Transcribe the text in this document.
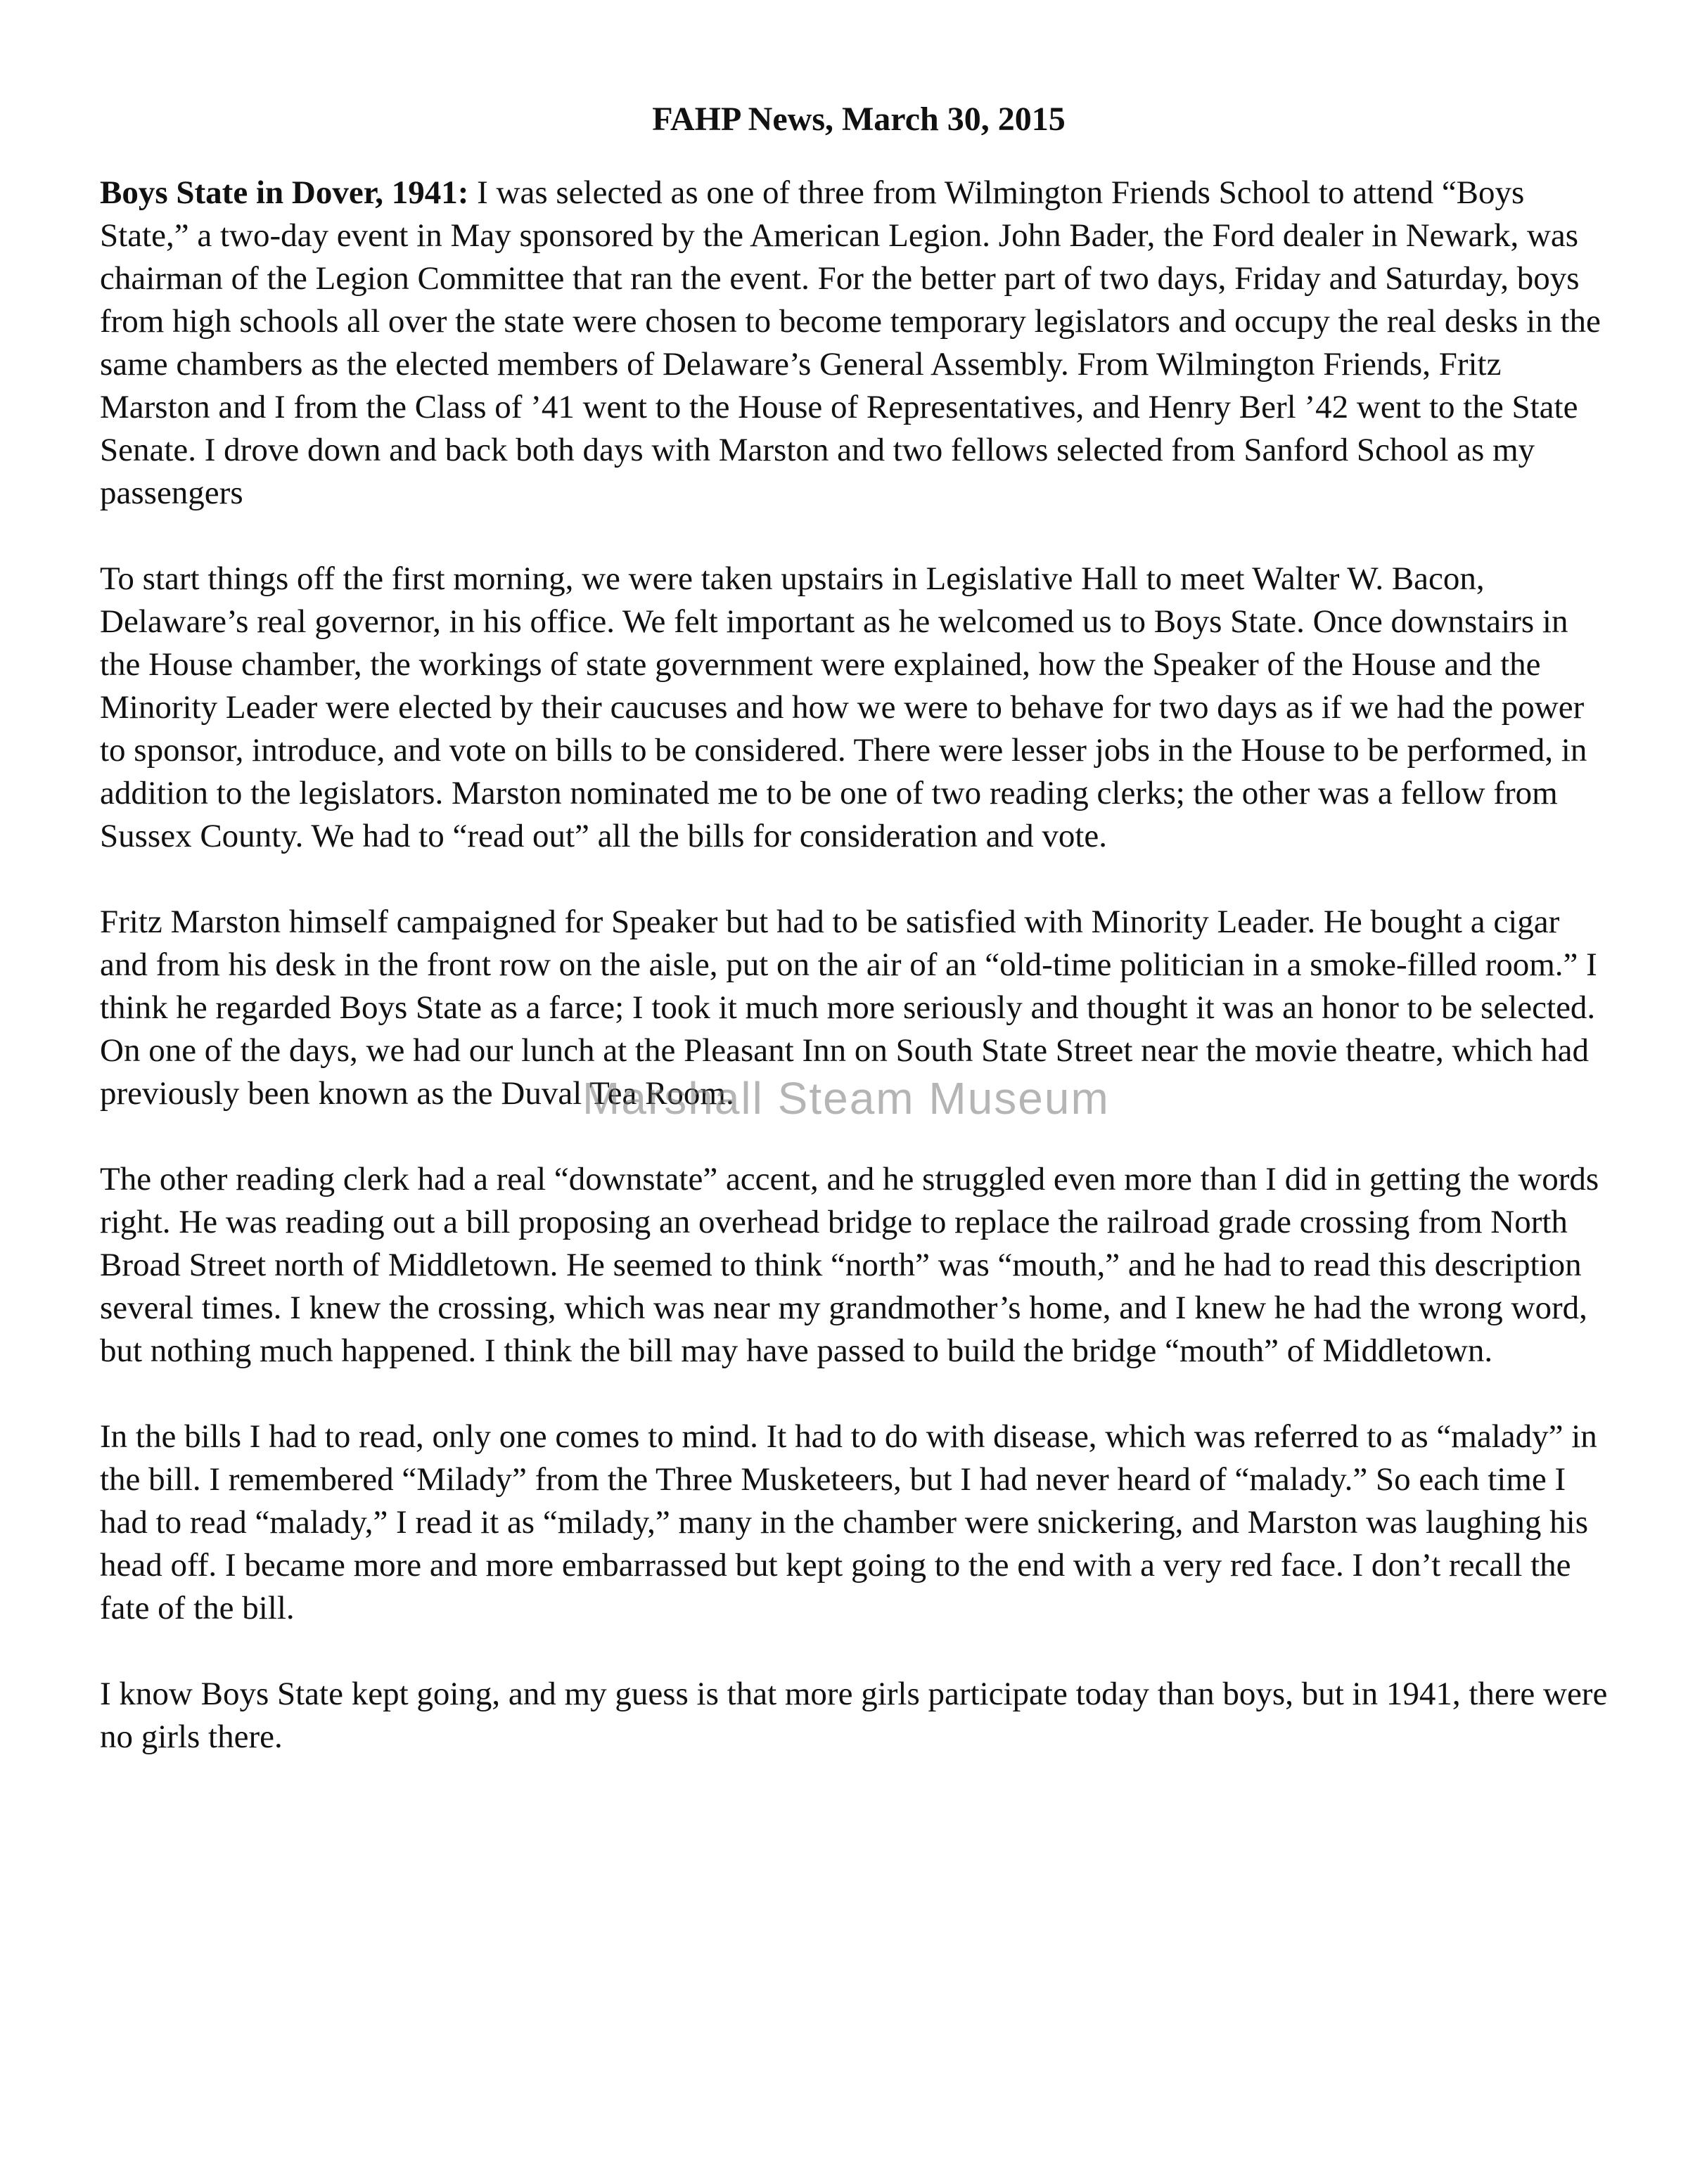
FAHP News, March 30, 2015

Boys State in Dover, 1941: I was selected as one of three from Wilmington Friends School to attend “Boys State,” a two-day event in May sponsored by the American Legion. John Bader, the Ford dealer in Newark, was chairman of the Legion Committee that ran the event. For the better part of two days, Friday and Saturday, boys from high schools all over the state were chosen to become temporary legislators and occupy the real desks in the same chambers as the elected members of Delaware’s General Assembly. From Wilmington Friends, Fritz Marston and I from the Class of ’41 went to the House of Representatives, and Henry Berl ’42 went to the State Senate. I drove down and back both days with Marston and two fellows selected from Sanford School as my passengers

To start things off the first morning, we were taken upstairs in Legislative Hall to meet Walter W. Bacon, Delaware’s real governor, in his office. We felt important as he welcomed us to Boys State. Once downstairs in the House chamber, the workings of state government were explained, how the Speaker of the House and the Minority Leader were elected by their caucuses and how we were to behave for two days as if we had the power to sponsor, introduce, and vote on bills to be considered. There were lesser jobs in the House to be performed, in addition to the legislators. Marston nominated me to be one of two reading clerks; the other was a fellow from Sussex County. We had to “read out” all the bills for consideration and vote.

Fritz Marston himself campaigned for Speaker but had to be satisfied with Minority Leader. He bought a cigar and from his desk in the front row on the aisle, put on the air of an “old-time politician in a smoke-filled room.” I think he regarded Boys State as a farce; I took it much more seriously and thought it was an honor to be selected. On one of the days, we had our lunch at the Pleasant Inn on South State Street near the movie theatre, which had previously been known as the Duval Tea Room.

The other reading clerk had a real “downstate” accent, and he struggled even more than I did in getting the words right. He was reading out a bill proposing an overhead bridge to replace the railroad grade crossing from North Broad Street north of Middletown. He seemed to think “north” was “mouth,” and he had to read this description several times. I knew the crossing, which was near my grandmother’s home, and I knew he had the wrong word, but nothing much happened. I think the bill may have passed to build the bridge “mouth” of Middletown.

In the bills I had to read, only one comes to mind. It had to do with disease, which was referred to as “malady” in the bill. I remembered “Milady” from the Three Musketeers, but I had never heard of “malady.” So each time I had to read “malady,” I read it as “milady,” many in the chamber were snickering, and Marston was laughing his head off. I became more and more embarrassed but kept going to the end with a very red face. I don’t recall the fate of the bill.

I know Boys State kept going, and my guess is that more girls participate today than boys, but in 1941, there were no girls there.

Marshall Steam Museum
